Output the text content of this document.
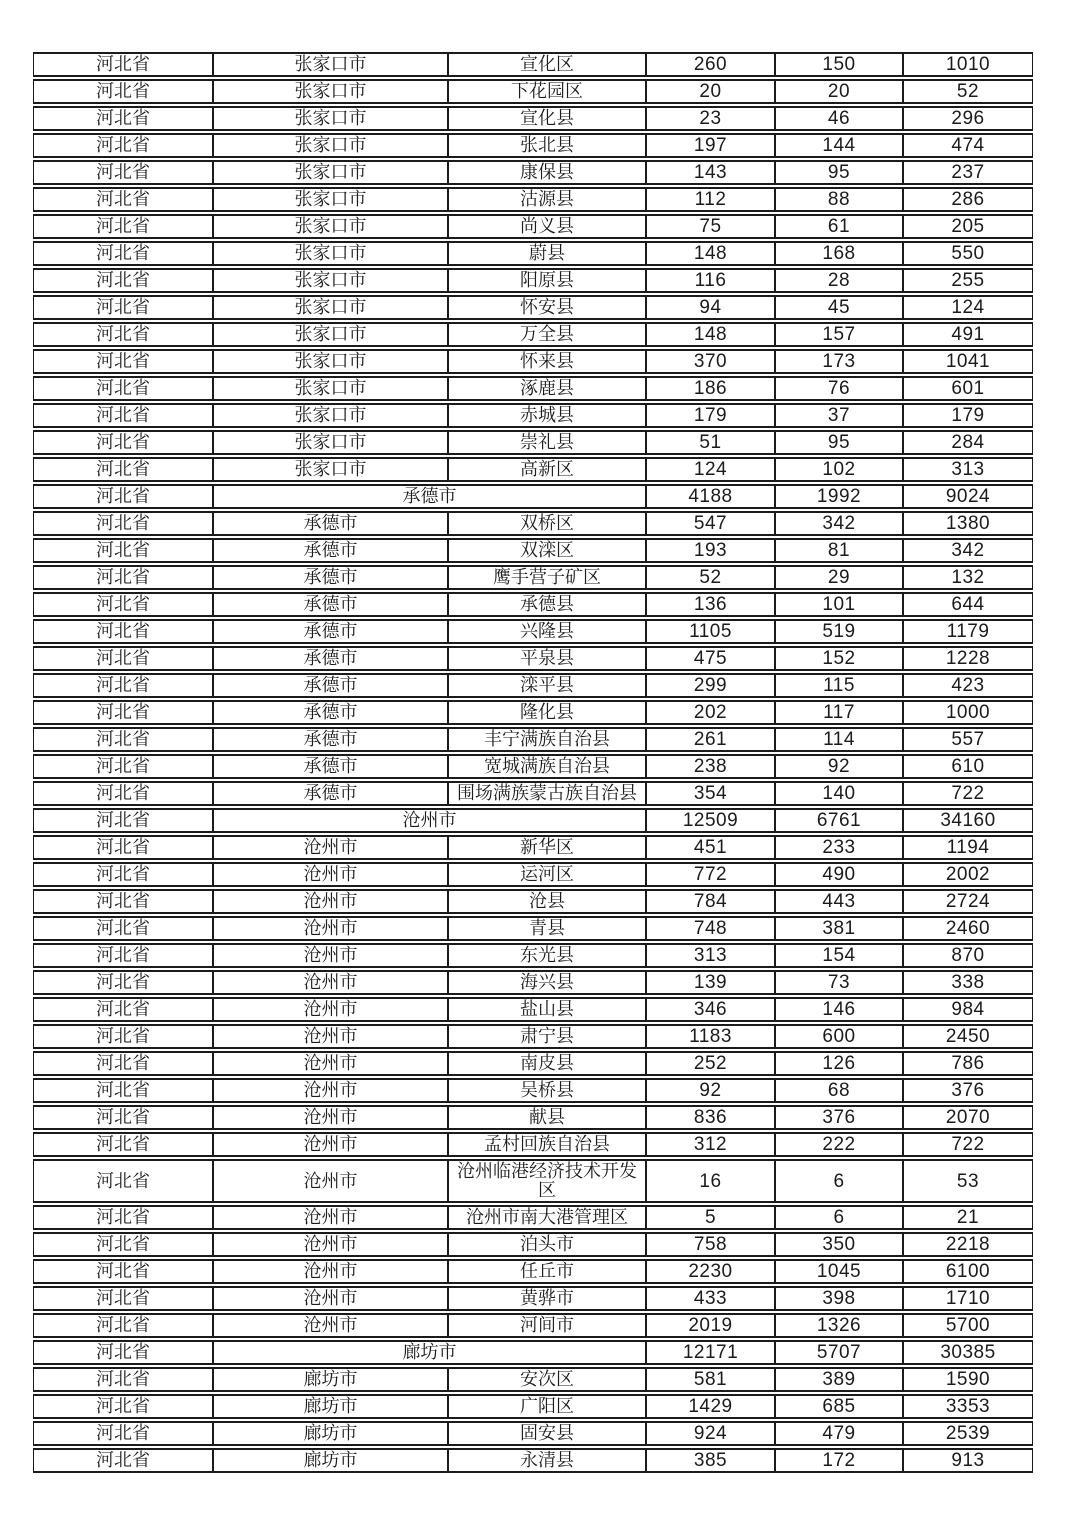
河北省	张家口市	宣化区	260	150	1010
河北省	张家口市	下花园区	20	20	52
河北省	张家口市	宣化县	23	46	296
河北省	张家口市	张北县	197	144	474
河北省	张家口市	康保县	143	95	237
河北省	张家口市	沽源县	112	88	286
河北省	张家口市	尚义县	75	61	205
河北省	张家口市	蔚县	148	168	550
河北省	张家口市	阳原县	116	28	255
河北省	张家口市	怀安县	94	45	124
河北省	张家口市	万全县	148	157	491
河北省	张家口市	怀来县	370	173	1041
河北省	张家口市	涿鹿县	186	76	601
河北省	张家口市	赤城县	179	37	179
河北省	张家口市	崇礼县	51	95	284
河北省	张家口市	高新区	124	102	313
河北省	承德市		4188	1992	9024
河北省	承德市	双桥区	547	342	1380
河北省	承德市	双滦区	193	81	342
河北省	承德市	鹰手营子矿区	52	29	132
河北省	承德市	承德县	136	101	644
河北省	承德市	兴隆县	1105	519	1179
河北省	承德市	平泉县	475	152	1228
河北省	承德市	滦平县	299	115	423
河北省	承德市	隆化县	202	117	1000
河北省	承德市	丰宁满族自治县	261	114	557
河北省	承德市	宽城满族自治县	238	92	610
河北省	承德市	围场满族蒙古族自治县	354	140	722
河北省	沧州市		12509	6761	34160
河北省	沧州市	新华区	451	233	1194
河北省	沧州市	运河区	772	490	2002
河北省	沧州市	沧县	784	443	2724
河北省	沧州市	青县	748	381	2460
河北省	沧州市	东光县	313	154	870
河北省	沧州市	海兴县	139	73	338
河北省	沧州市	盐山县	346	146	984
河北省	沧州市	肃宁县	1183	600	2450
河北省	沧州市	南皮县	252	126	786
河北省	沧州市	吴桥县	92	68	376
河北省	沧州市	献县	836	376	2070
河北省	沧州市	孟村回族自治县	312	222	722
河北省	沧州市	沧州临港经济技术开发区	16	6	53
河北省	沧州市	沧州市南大港管理区	5	6	21
河北省	沧州市	泊头市	758	350	2218
河北省	沧州市	任丘市	2230	1045	6100
河北省	沧州市	黄骅市	433	398	1710
河北省	沧州市	河间市	2019	1326	5700
河北省	廊坊市		12171	5707	30385
河北省	廊坊市	安次区	581	389	1590
河北省	廊坊市	广阳区	1429	685	3353
河北省	廊坊市	固安县	924	479	2539
河北省	廊坊市	永清县	385	172	913
